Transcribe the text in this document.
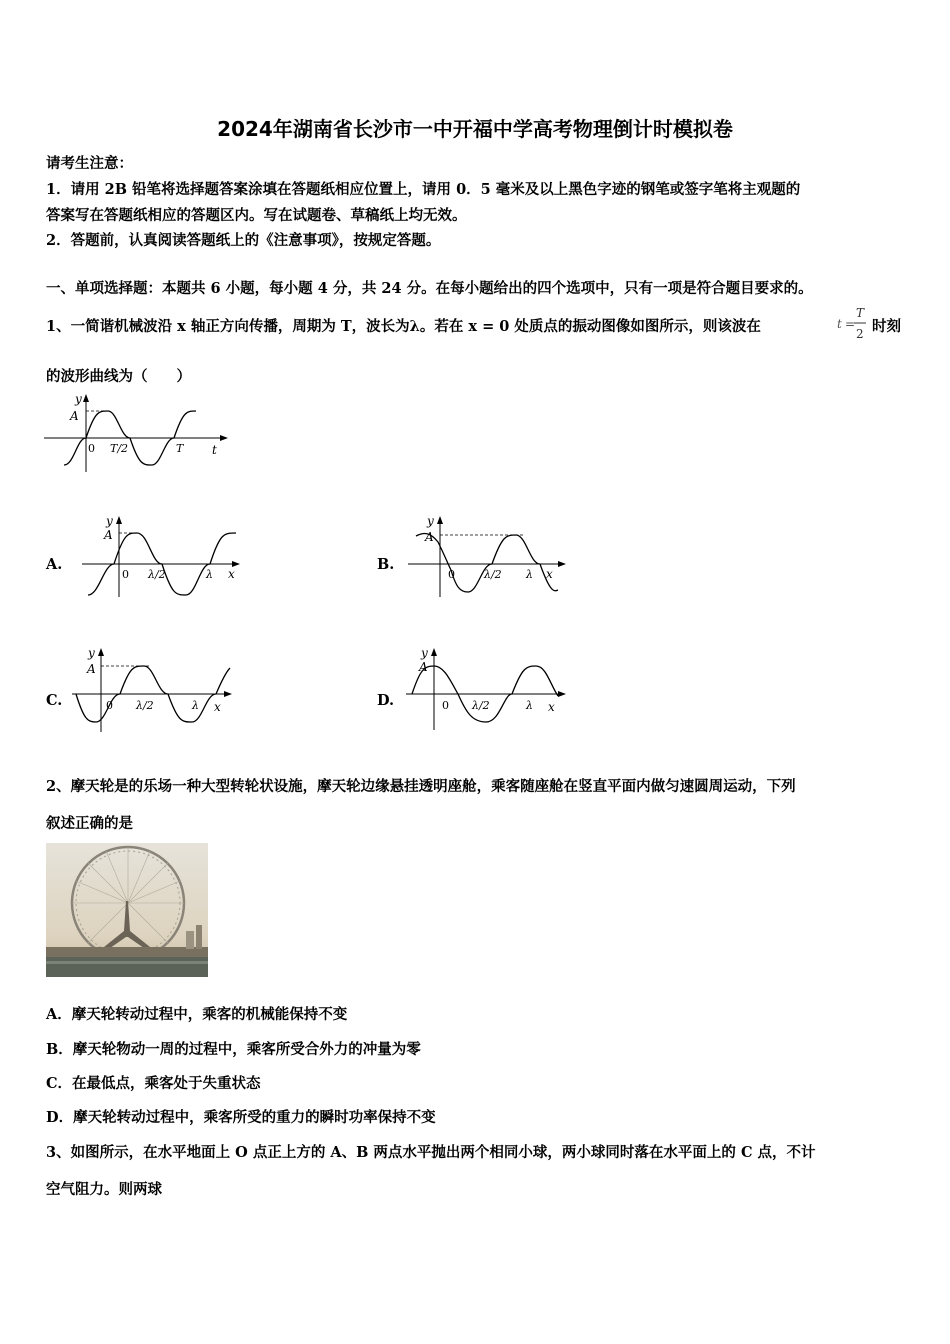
2024年湖南省长沙市一中开福中学高考物理倒计时模拟卷
请考生注意：
1．请用 2B 铅笔将选择题答案涂填在答题纸相应位置上，请用 0．5 毫米及以上黑色字迹的钢笔或签字笔将主观题的
答案写在答题纸相应的答题区内。写在试题卷、草稿纸上均无效。
2．答题前，认真阅读答题纸上的《注意事项》，按规定答题。
一、单项选择题：本题共 6 小题，每小题 4 分，共 24 分。在每小题给出的四个选项中，只有一项是符合题目要求的。
1、一简谐机械波沿 x 轴正方向传播，周期为 T，波长为λ。若在 x = 0 处质点的振动图像如图所示，则该波在	t =
T
2 时刻
的波形曲线为（　　）
y
A
0 T/2	T t
A.
y
A
0 λ/2	λ x
B.
y
A
0	λ/2 λ x
C.
y
A
0 λ/2	λ x	D.
y
A
0 λ/2	λ x
2、摩天轮是的乐场一种大型转轮状设施，摩天轮边缘悬挂透明座舱，乘客随座舱在竖直平面内做匀速圆周运动，下列
叙述正确的是
A．摩天轮转动过程中，乘客的机械能保持不变
B．摩天轮物动一周的过程中，乘客所受合外力的冲量为零
C．在最低点，乘客处于失重状态
D．摩天轮转动过程中，乘客所受的重力的瞬时功率保持不变
3、如图所示，在水平地面上 O 点正上方的 A、B 两点水平抛出两个相同小球，两小球同时落在水平面上的 C 点，不计
空气阻力。则两球
